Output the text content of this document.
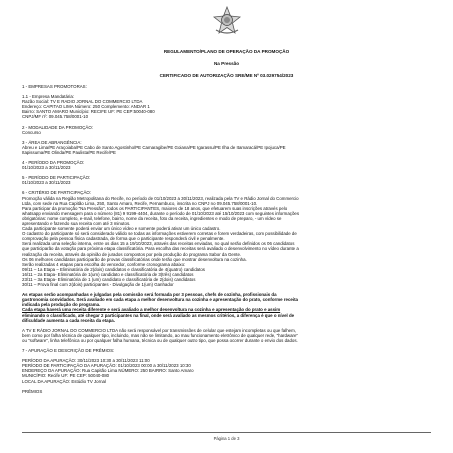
REGULAMENTO/PLANO DE OPERAÇÃO DA PROMOÇÃO
Na Pressão
CERTIFICADO DE AUTORIZAÇÃO SRE/ME Nº 03.029754/2023

1 - EMPRESAS PROMOTORAS:

1.1 - Empresa Mandatária:

Razão Social: TV E RADIO JORNAL DO COMMERCIO LTDA

Endereço: CAPITAO LIMA Número: 250 Complemento: ANDAR 1

Bairro: SANTO AMARO Município: RECIFE UF: PE CEP:50040-080

CNPJ/MF nº: 09.045.758/0001-10

2 - MODALIDADE DA PROMOÇÃO:

Concurso

3 - ÁREA DE ABRANGÊNCIA:

Abreu e Lima/PE Araçoiaba/PE Cabo de Santo Agostinho/PE Camaragibe/PE Goiana/PE Igarassu/PE Ilha de Itamaracá/PE Ipojuca/PE

Itapissuma/PE Olinda/PE Paulista/PE Recife/PE

4 - PERÍODO DA PROMOÇÃO:

01/10/2023 a 30/11/2023

5 - PERÍODO DE PARTICIPAÇÃO:

01/10/2023 a 30/11/2023

6 - CRITÉRIO DE PARTICIPAÇÃO:

Promoção válida na Região Metropolitana do Recife, no período de 01/10/2023 a 30/11/2023, realizada pela TV e Rádio Jornal do Commercio

Ltda, com sede na Rua Capitão Lima, 250, Santo Amaro, Recife, Pernambuco, inscrita no CNPJ no 09.045.758/0001-10.

Para participar da promoção "Na Pressão", todos os PARTICIPANTES, maiores de 18 anos, que efetuarem suas inscrições através pelo

whatsapp enviando mensagem para o número (81) 9 9199-4404, durante o período de 01/10/2023 até 15/10/2023 com seguintes informações

obrigatórias: nome completo, e-mail, telefone, bairro, nome da receita, foto da receita, ingredientes e modo de preparo, - um vídeo se

apresentando e fazendo sua receita com até 3 minutos.

Cada participante somente poderá enviar um único vídeo e somente poderá ativar um único cadastro.

O cadastro do participante só será considerado válido se todas as informações estiverem corretas e forem verdadeiras, com possibilidade de

comprovação pela pessoa física cadastrada, de forma que o participante responderá civil e penalmente.

Será realizada uma seleção interna, entre os dias 15 a 19/10/2023, através das receitas enviadas, no qual serão definidos os 06 candidatos

que participarão da votação para próxima etapa classificatória. Para escolha das receitas será avaliado o desenvolvimento no vídeo durante a

realização da receita, através da opinião de jurados compostos por pela produção do programa Sabor da Gente.

Os 06 melhores candidatos participarão de provas classificatórias onde terão que mostrar desenvoltura na cozinha.

Serão realizadas 4 etapas para escolha do vencedor, conforme cronograma abaixo:

09/11 – 1a Etapa – Eliminatória de 2(dois) candidatos e classificatória de 4(quatro) candidatos

16/11 – 2a Etapa- Eliminatória de 1(um) candidato e classificatória de 3(três) candidatos

23/11 – 3a Etapa- Eliminatória de 1 (um) candidato e classificatória de 2(dois) candidatos

30/11 – Prova final com 2(dois) participantes - Divulgação de 1(um) Ganhador

As etapas serão acompanhadas e julgadas pela comissão será formada por 3 pessoas, chefs de cozinha, profissionais da

gastronomia convidados. Será avaliado em cada etapa a melhor desenvoltura na cozinha e apresentação do prato, conforme receita

indicada pela produção do programa.

Cada etapa haverá uma receita diferente e será avaliado a melhor desenvoltura na cozinha e apresentação do prato e assim

eliminando o classificado, até chegar 2 participantes na final, onde será avaliado as mesmos critérios, a diferença é que o nível de

dificuldade aumenta a cada receita da etapa.

A TV E RÁDIO JORNAL DO COMMERCIO LTDA não será responsável por transmissões de celular que estejam incompletas ou que falhem,

bem como por falha técnica de qualquer tipo, incluindo, mas não se limitando, ao mau funcionamento eletrônico de qualquer rede, "hardware"

ou "software", linha telefônica ou por qualquer falha humana, técnica ou de qualquer outro tipo, que possa ocorrer durante o envio dos dados.

7 - APURAÇÃO E DESCRIÇÃO DE PRÊMIOS:

PERÍODO DA APURAÇÃO: 30/11/2023 10:30 a 30/11/2023 11:00

PERÍODO DE PARTICIPAÇÃO DA APURAÇÃO: 01/10/2023 00:00 a 30/11/2023 10:30

ENDEREÇO DA APURAÇÃO: Rua Capitão Lima NÚMERO: 250 BAIRRO: Santo Amaro

MUNICÍPIO: Recife UF: PE CEP: 50040-080

LOCAL DA APURAÇÃO: Estúdio TV Jornal

PRÊMIOS

Página 1 de 3
